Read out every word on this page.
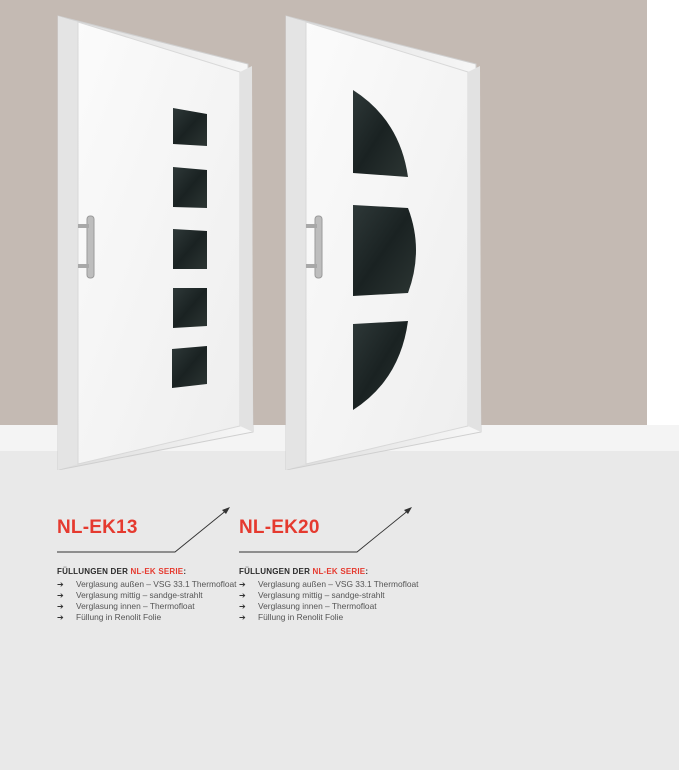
NL-EK13
FÜLLUNGEN DER NL-EK SERIE:
➔ Verglasung außen – VSG 33.1 Thermofloat
➔ Verglasung mittig – sandge-strahlt
➔ Verglasung innen – Thermofloat
➔ Füllung in Renolit Folie
NL-EK20
FÜLLUNGEN DER NL-EK SERIE:
➔ Verglasung außen – VSG 33.1 Thermofloat
➔ Verglasung mittig – sandge-strahlt
➔ Verglasung innen – Thermofloat
➔ Füllung in Renolit Folie
